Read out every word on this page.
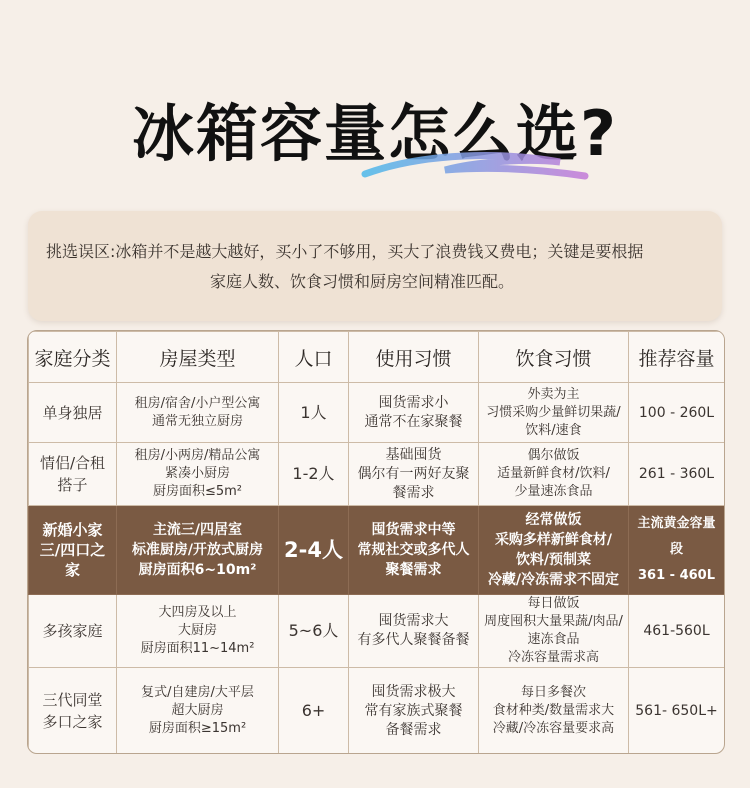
冰箱容量怎么选?
挑选误区:冰箱并不是越大越好，买小了不够用，买大了浪费钱又费电；关键是要根据
家庭人数、饮食习惯和厨房空间精准匹配。
家庭分类	房屋类型	人口	使用习惯	饮食习惯	推荐容量

单身独居	租房/宿舍/小户型公寓
通常无独立厨房	1人	囤货需求小
通常不在家聚餐	外卖为主
习惯采购少量鲜切果蔬/
饮料/速食	100 - 260L

情侣/合租搭子	租房/小两房/精品公寓
紧凑小厨房
厨房面积≤5m²	1-2人	基础囤货
偶尔有一两好友聚
餐需求	偶尔做饭
适量新鲜食材/饮料/
少量速冻食品	261 - 360L

新婚小家
三/四口之家	主流三/四居室
标准厨房/开放式厨房
厨房面积6~10m²	2-4人	囤货需求中等
常规社交或多代人
聚餐需求	经常做饭
采购多样新鲜食材/
饮料/预制菜
冷藏/冷冻需求不固定	主流黄金容量段
361 - 460L

多孩家庭	大四房及以上
大厨房
厨房面积11~14m²	5~6人	囤货需求大
有多代人聚餐备餐	每日做饭
周度囤积大量果蔬/肉品/
速冻食品
冷冻容量需求高	461-560L

三代同堂
多口之家	复式/自建房/大平层
超大厨房
厨房面积≥15m²	6+	囤货需求极大
常有家族式聚餐
备餐需求	每日多餐次
食材种类/数量需求大
冷藏/冷冻容量要求高	561- 650L+
